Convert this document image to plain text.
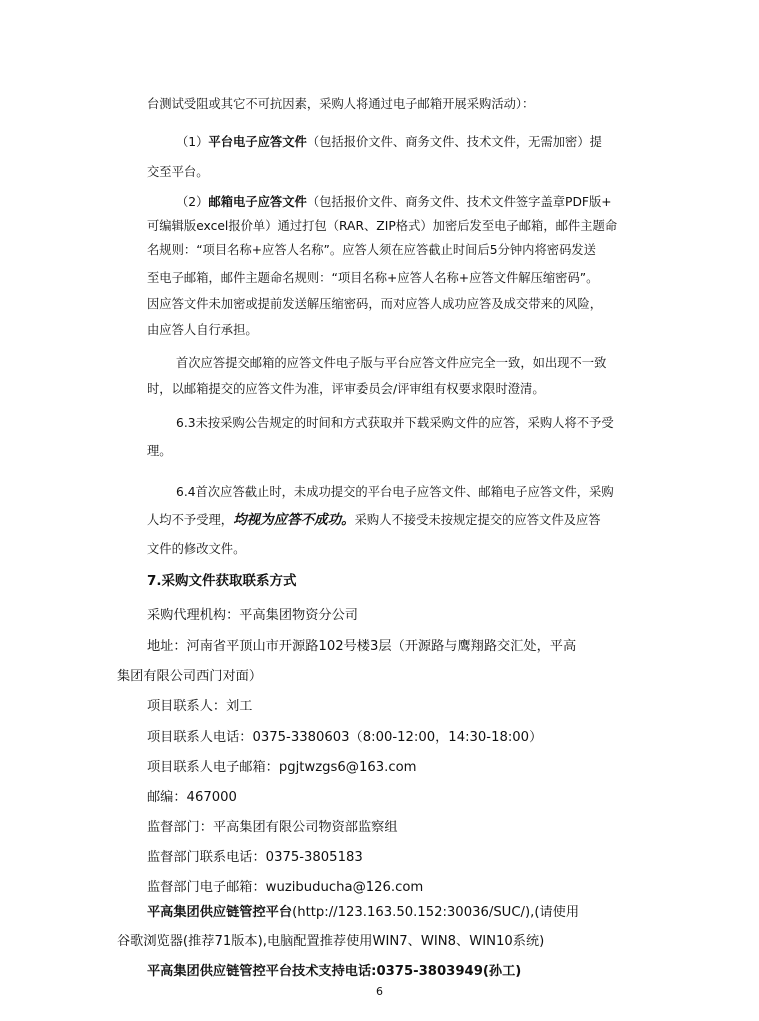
台测试受阻或其它不可抗因素，采购人将通过电子邮箱开展采购活动）：
（1）平台电子应答文件（包括报价文件、商务文件、技术文件，无需加密）提
交至平台。
（2）邮箱电子应答文件（包括报价文件、商务文件、技术文件签字盖章PDF版+
可编辑版excel报价单）通过打包（RAR、ZIP格式）加密后发至电子邮箱，邮件主题命
名规则：“项目名称+应答人名称”。应答人须在应答截止时间后5分钟内将密码发送
至电子邮箱，邮件主题命名规则：“项目名称+应答人名称+应答文件解压缩密码”。
因应答文件未加密或提前发送解压缩密码，而对应答人成功应答及成交带来的风险，
由应答人自行承担。
首次应答提交邮箱的应答文件电子版与平台应答文件应完全一致，如出现不一致
时，以邮箱提交的应答文件为准，评审委员会/评审组有权要求限时澄清。
6.3未按采购公告规定的时间和方式获取并下载采购文件的应答，采购人将不予受
理。
6.4首次应答截止时，未成功提交的平台电子应答文件、邮箱电子应答文件，采购
人均不予受理，均视为应答不成功。采购人不接受未按规定提交的应答文件及应答
文件的修改文件。
7.采购文件获取联系方式
采购代理机构：平高集团物资分公司
地址：河南省平顶山市开源路102号楼3层（开源路与鹰翔路交汇处，平高
集团有限公司西门对面）
项目联系人：刘工
项目联系人电话：0375-3380603（8:00-12:00，14:30-18:00）
项目联系人电子邮箱：pgjtwzgs6@163.com
邮编：467000
监督部门：平高集团有限公司物资部监察组
监督部门联系电话：0375-3805183
监督部门电子邮箱：wuzibuducha@126.com
平高集团供应链管控平台(http://123.163.50.152:30036/SUC/),(请使用
谷歌浏览器(推荐71版本),电脑配置推荐使用WIN7、WIN8、WIN10系统)
平高集团供应链管控平台技术支持电话:0375-3803949(孙工)
6
